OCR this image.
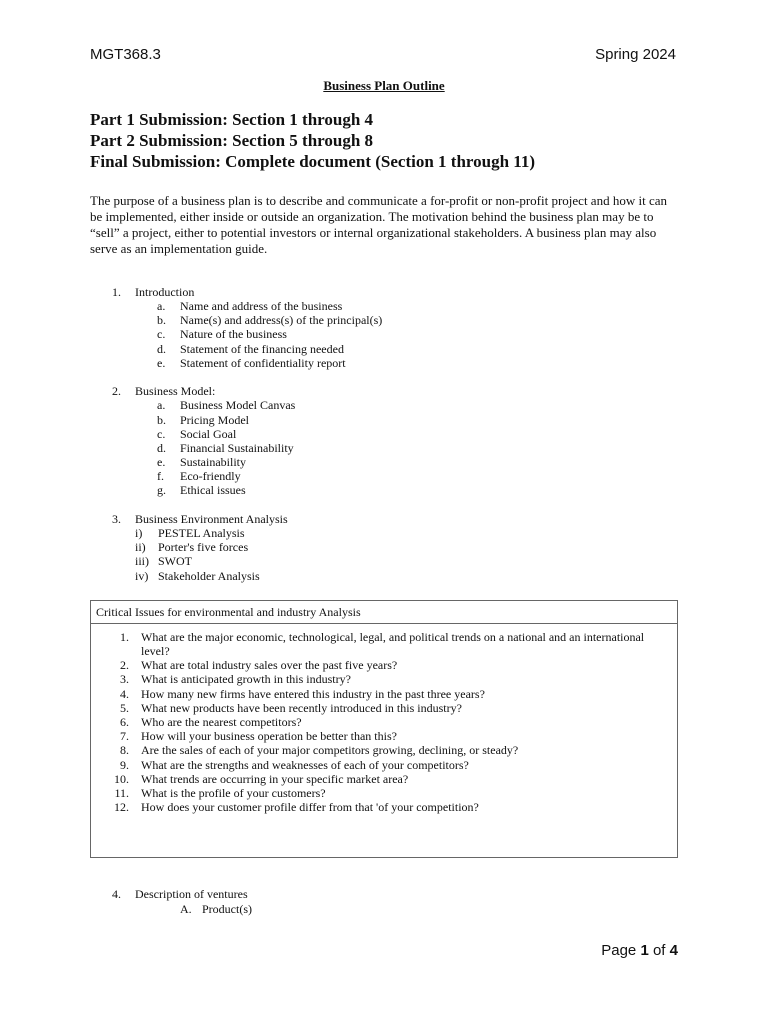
MGT368.3	Spring 2024
Business Plan Outline
Part 1 Submission: Section 1 through 4
Part 2 Submission: Section 5 through 8
Final Submission: Complete document (Section 1 through 11)
The purpose of a business plan is to describe and communicate a for-profit or non-profit project and how it can be implemented, either inside or outside an organization. The motivation behind the business plan may be to “sell” a project, either to potential investors or internal organizational stakeholders. A business plan may also serve as an implementation guide.
1. Introduction
a. Name and address of the business
b. Name(s) and address(s) of the principal(s)
c. Nature of the business
d. Statement of the financing needed
e. Statement of confidentiality report
2. Business Model:
a. Business Model Canvas
b. Pricing Model
c. Social Goal
d. Financial Sustainability
e. Sustainability
f. Eco-friendly
g. Ethical issues
3. Business Environment Analysis
i) PESTEL Analysis
ii) Porter's five forces
iii) SWOT
iv) Stakeholder Analysis
Critical Issues for environmental and industry Analysis
1. What are the major economic, technological, legal, and political trends on a national and an international level?
2. What are total industry sales over the past five years?
3. What is anticipated growth in this industry?
4. How many new firms have entered this industry in the past three years?
5. What new products have been recently introduced in this industry?
6. Who are the nearest competitors?
7. How will your business operation be better than this?
8. Are the sales of each of your major competitors growing, declining, or steady?
9. What are the strengths and weaknesses of each of your competitors?
10. What trends are occurring in your specific market area?
11. What is the profile of your customers?
12. How does your customer profile differ from that 'of your competition?
4. Description of ventures
A. Product(s)
Page 1 of 4
